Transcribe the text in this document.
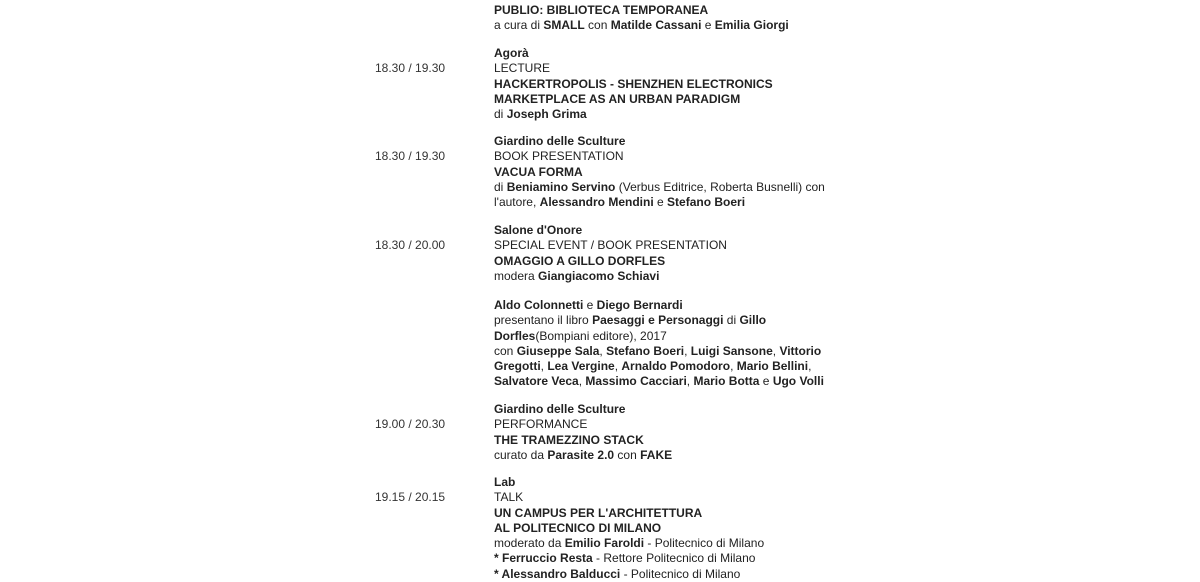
PUBLIO: BIBLIOTECA TEMPORANEA
a cura di SMALL con Matilde Cassani e Emilia Giorgi
Agorà
LECTURE
HACKERTROPOLIS - SHENZHEN ELECTRONICS
MARKETPLACE AS AN URBAN PARADIGM
di Joseph Grima
18.30 / 19.30
Giardino delle Sculture
BOOK PRESENTATION
VACUA FORMA
di Beniamino Servino (Verbus Editrice, Roberta Busnelli) con
l'autore, Alessandro Mendini e Stefano Boeri
18.30 / 19.30
Salone d'Onore
SPECIAL EVENT / BOOK PRESENTATION
OMAGGIO A GILLO DORFLES
modera Giangiacomo Schiavi
18.30 / 20.00
Aldo Colonnetti e Diego Bernardi
presentano il libro Paesaggi e Personaggi di Gillo
Dorfles(Bompiani editore), 2017
con Giuseppe Sala, Stefano Boeri, Luigi Sansone, Vittorio
Gregotti, Lea Vergine, Arnaldo Pomodoro, Mario Bellini,
Salvatore Veca, Massimo Cacciari, Mario Botta e Ugo Volli
Giardino delle Sculture
PERFORMANCE
THE TRAMEZZINO STACK
curato da Parasite 2.0 con FAKE
19.00 / 20.30
Lab
TALK
UN CAMPUS PER L'ARCHITETTURA
AL POLITECNICO DI MILANO
moderato da Emilio Faroldi - Politecnico di Milano
* Ferruccio Resta - Rettore Politecnico di Milano
* Alessandro Balducci - Politecnico di Milano
19.15 / 20.15
